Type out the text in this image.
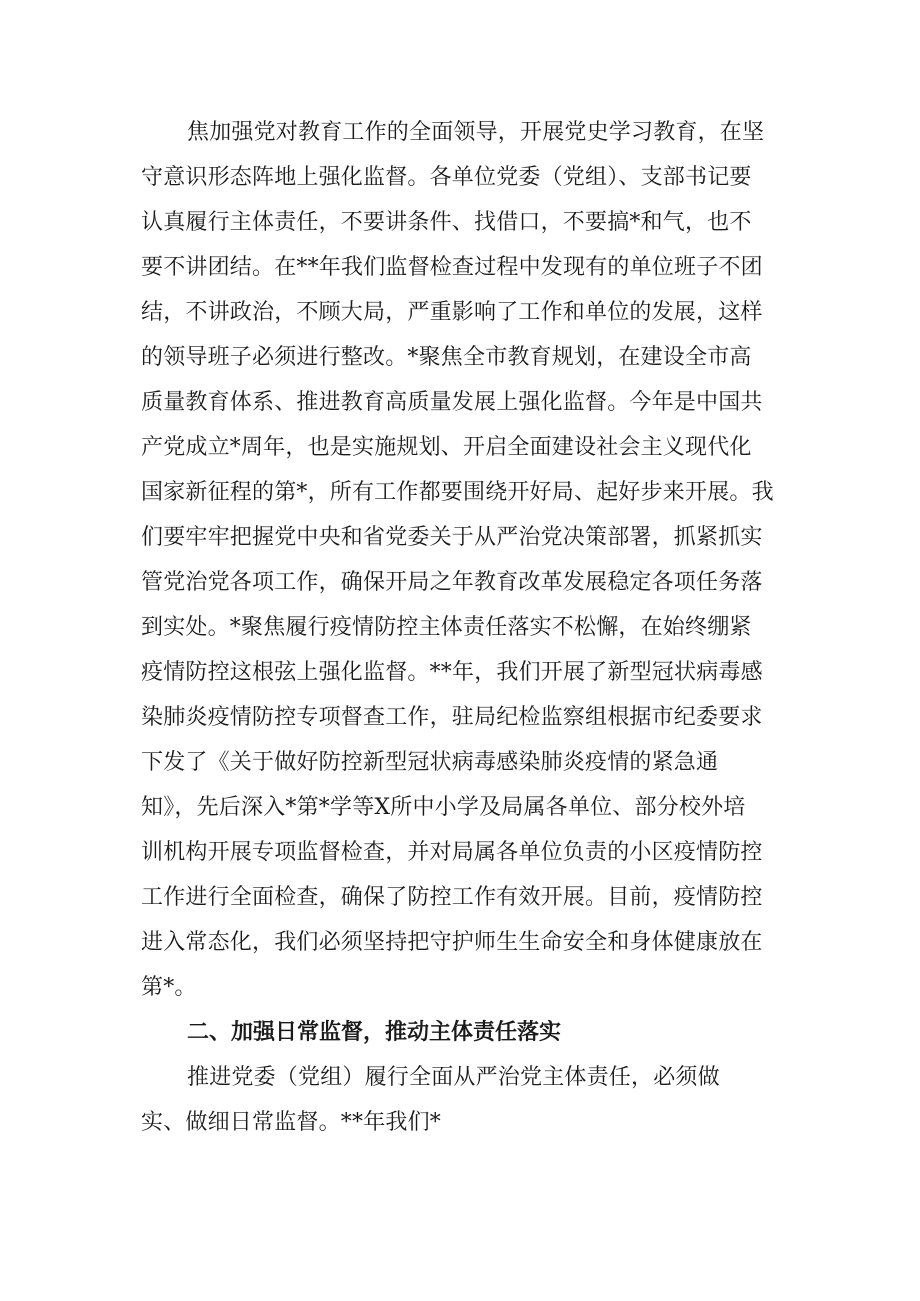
焦加强党对教育工作的全面领导，开展党史学习教育，在坚
守意识形态阵地上强化监督。各单位党委（党组）、支部书记要
认真履行主体责任，不要讲条件、找借口，不要搞*和气，也不
要不讲团结。在**年我们监督检查过程中发现有的单位班子不团
结，不讲政治，不顾大局，严重影响了工作和单位的发展，这样
的领导班子必须进行整改。*聚焦全市教育规划，在建设全市高
质量教育体系、推进教育高质量发展上强化监督。今年是中国共
产党成立*周年，也是实施规划、开启全面建设社会主义现代化
国家新征程的第*，所有工作都要围绕开好局、起好步来开展。我
们要牢牢把握党中央和省党委关于从严治党决策部署，抓紧抓实
管党治党各项工作，确保开局之年教育改革发展稳定各项任务落
到实处。*聚焦履行疫情防控主体责任落实不松懈，在始终绷紧
疫情防控这根弦上强化监督。**年，我们开展了新型冠状病毒感
染肺炎疫情防控专项督查工作，驻局纪检监察组根据市纪委要求
下发了《关于做好防控新型冠状病毒感染肺炎疫情的紧急通
知》，先后深入*第*学等X所中小学及局属各单位、部分校外培
训机构开展专项监督检查，并对局属各单位负责的小区疫情防控
工作进行全面检查，确保了防控工作有效开展。目前，疫情防控
进入常态化，我们必须坚持把守护师生生命安全和身体健康放在
第*。
二、加强日常监督，推动主体责任落实
推进党委（党组）履行全面从严治党主体责任，必须做
实、做细日常监督。**年我们*
